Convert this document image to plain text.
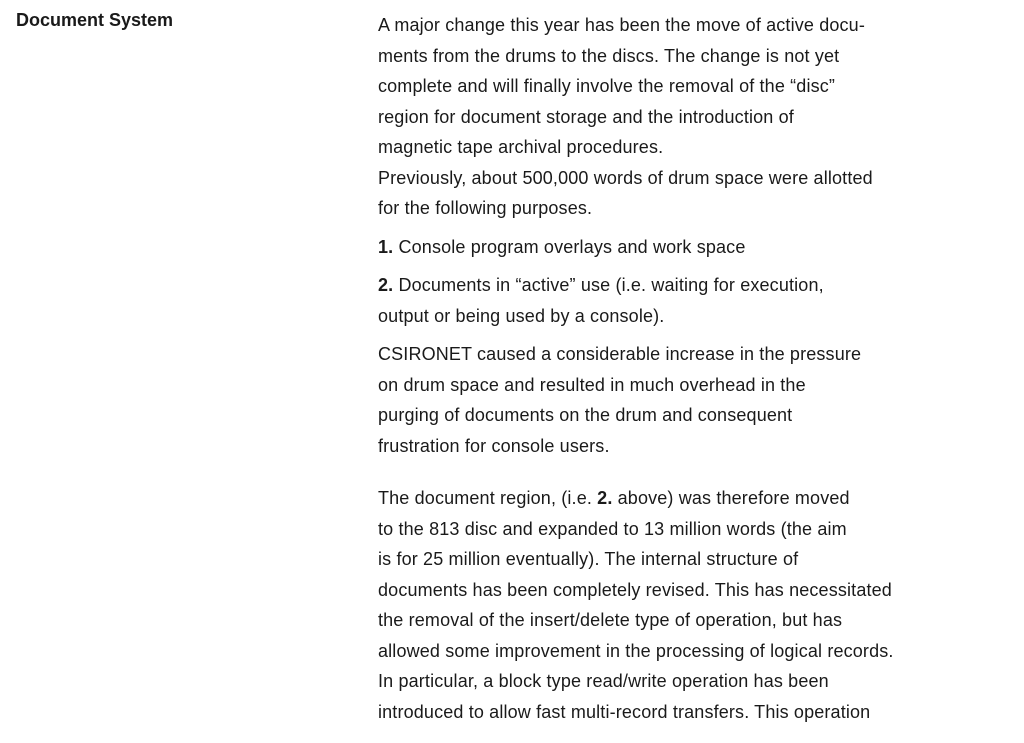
Document System	A major change this year has been the move of active docu-
ments from the drums to the discs. The change is not yet
complete and will finally involve the removal of the “disc”
region for document storage and the introduction of
magnetic tape archival procedures.
Previously, about 500,000 words of drum space were allotted
for the following purposes.
1. Console program overlays and work space
2. Documents in “active” use (i.e. waiting for execution,
output or being used by a console).
CSIRONET caused a considerable increase in the pressure
on drum space and resulted in much overhead in the
purging of documents on the drum and consequent
frustration for console users.
The document region, (i.e. 2. above) was therefore moved
to the 813 disc and expanded to 13 million words (the aim
is for 25 million eventually). The internal structure of
documents has been completely revised. This has necessitated
the removal of the insert/delete type of operation, but has
allowed some improvement in the processing of logical records.
In particular, a block type read/write operation has been
introduced to allow fast multi-record transfers. This operation
